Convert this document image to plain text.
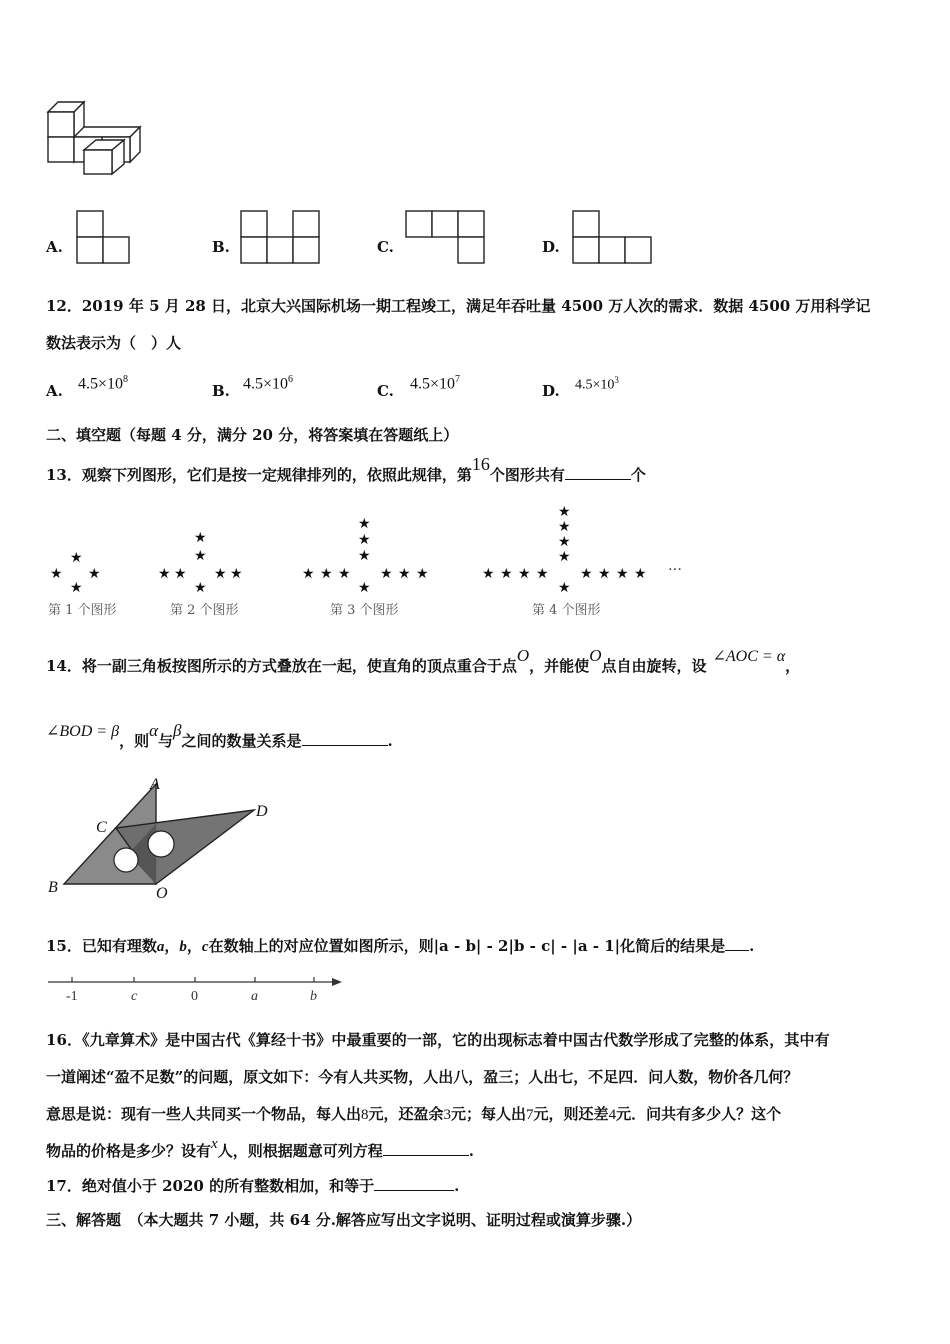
A.	B.	C.	D.
12．2019 年 5 月 28 日，北京大兴国际机场一期工程竣工，满足年吞吐量 4500 万人次的需求．数据 4500 万用科学记
数法表示为（　）人
A. $4.5\times 10^8$
B. $4.5\times 10^6$
C. $4.5\times 10^7$
D. $4.5\times 10^3$
二、填空题（每题 4 分，满分 20 分，将答案填在答题纸上）
13．观察下列图形，它们是按一定规律排列的，依照此规律，第16个图形共有	个
★
★ ★
★
★
★
★ ★ ★ ★
★
★
★
★
★ ★ ★ ★ ★ ★
★
★
★
★
★
★ ★ ★ ★ ★ ★ ★ ★
★
…
第 1 个图形	第 2 个图形	第 3 个图形	第 4 个图形
14．将一副三角板按图所示的方式叠放在一起，使直角的顶点重合于点O，并能使O点自由旋转，设∠AOC = α，
∠BOD = β，则α与β之间的数量关系是	.
A
C
D
B	O
15．已知有理数a，b，c在数轴上的对应位置如图所示，则|a - b| - 2|b - c| - |a - 1|化简后的结果是 .
-1	c	0	a	b
16．《九章算术》是中国古代《算经十书》中最重要的一部，它的出现标志着中国古代数学形成了完整的体系，其中有
一道阐述“盈不足数”的问题，原文如下：今有人共买物，人出八，盈三；人出七，不足四．问人数，物价各几何？
意思是说：现有一些人共同买一个物品，每人出8元，还盈余3元；每人出7元，则还差4元．问共有多少人？这个
物品的价格是多少？设有x人，则根据题意可列方程	.
17．绝对值小于 2020 的所有整数相加，和等于	.
三、解答题　（本大题共 7 小题，共 64 分.解答应写出文字说明、证明过程或演算步骤.）
